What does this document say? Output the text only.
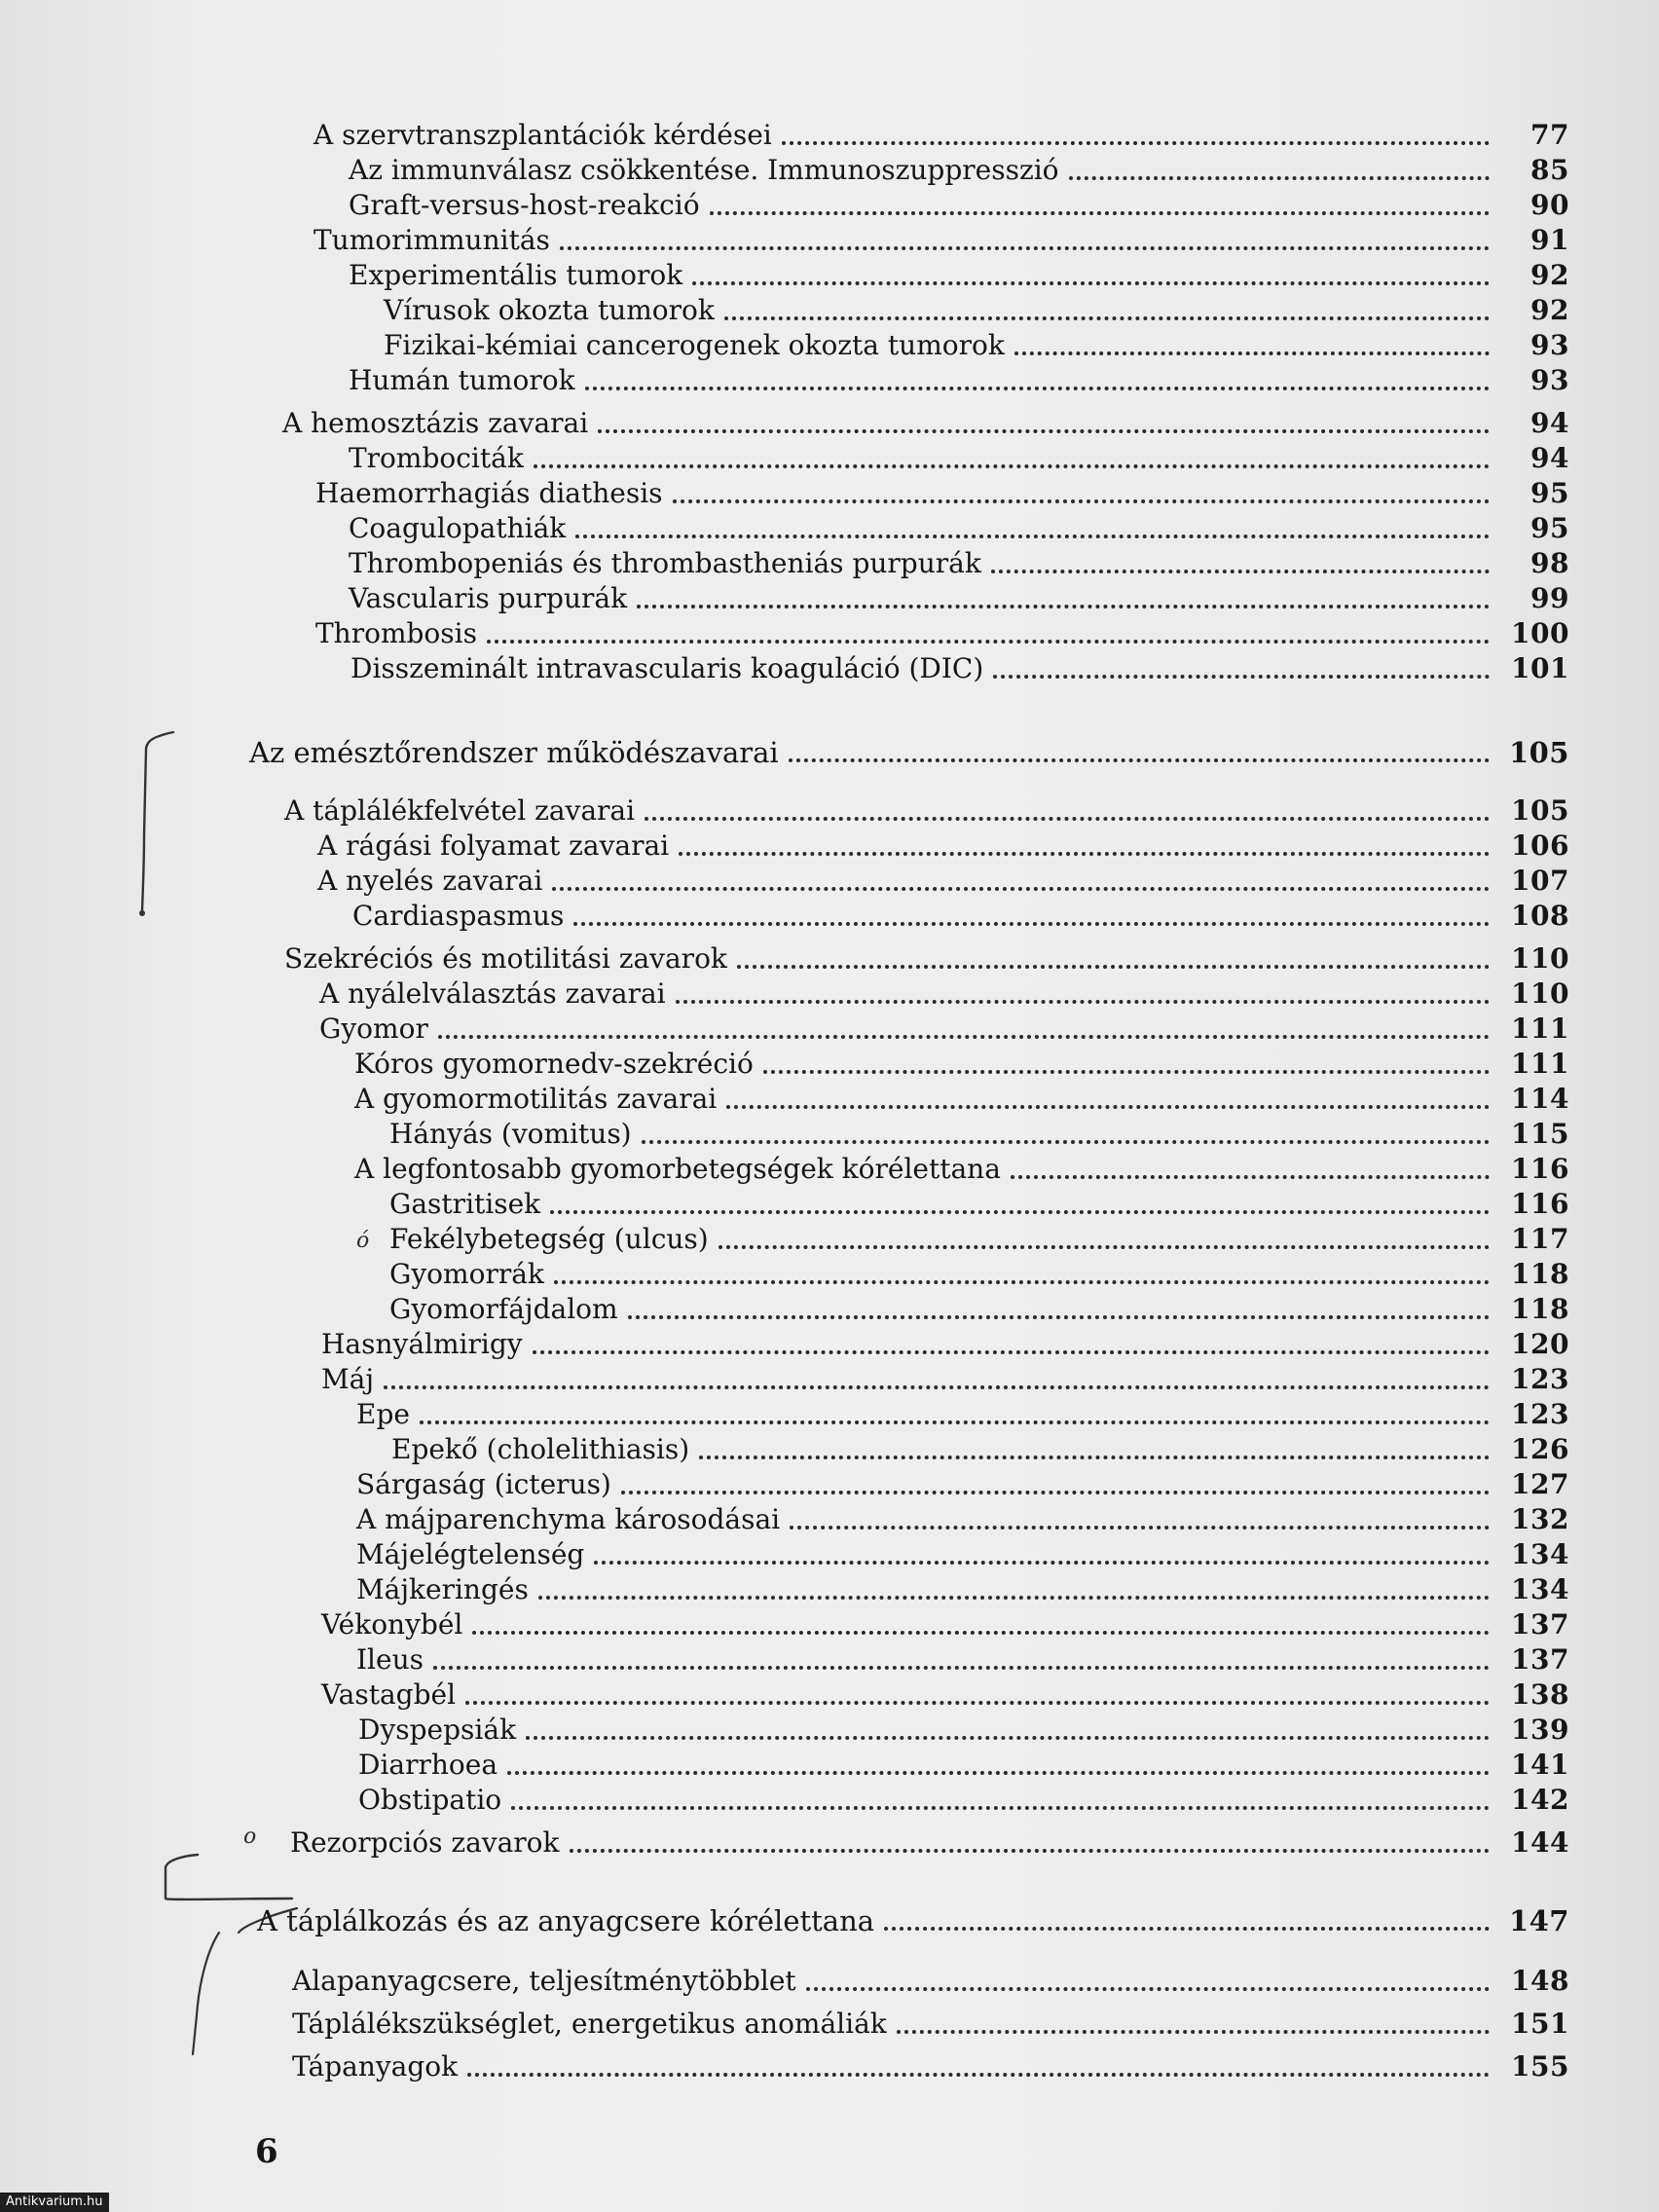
A szervtranszplantációk kérdései	77
Az immunválasz csökkentése. Immunoszuppresszió	85
Graft-versus-host-reakció	90
Tumorimmunitás	91
Experimentális tumorok	92
Vírusok okozta tumorok	92
Fizikai-kémiai cancerogenek okozta tumorok	93
Humán tumorok	93
A hemosztázis zavarai	94
Trombociták	94
Haemorrhagiás diathesis	95
Coagulopathiák	95
Thrombopeniás és thrombastheniás purpurák	98
Vascularis purpurák	99
Thrombosis	100
Disszeminált intravascularis koaguláció (DIC)	101
Az emésztőrendszer működészavarai	105
A táplálékfelvétel zavarai	105
A rágási folyamat zavarai	106
A nyelés zavarai	107
Cardiaspasmus	108
Szekréciós és motilitási zavarok	110
A nyálelválasztás zavarai	110
Gyomor	111
Kóros gyomornedv-szekréció	111
A gyomormotilitás zavarai	114
Hányás (vomitus)	115
A legfontosabb gyomorbetegségek kórélettana	116
Gastritisek	116
Fekélybetegség (ulcus)	117
Gyomorrák	118
Gyomorfájdalom	118
Hasnyálmirigy	120
Máj	123
Epe	123
Epekő (cholelithiasis)	126
Sárgaság (icterus)	127
A májparenchyma károsodásai	132
Májelégtelenség	134
Májkeringés	134
Vékonybél	137
Ileus	137
Vastagbél	138
Dyspepsiák	139
Diarrhoea	141
Obstipatio	142
Rezorpciós zavarok	144
A táplálkozás és az anyagcsere kórélettana	147
Alapanyagcsere, teljesítménytöbblet	148
Táplálékszükséglet, energetikus anomáliák	151
Tápanyagok	155
ó
o
6
Antikvarium.hu
